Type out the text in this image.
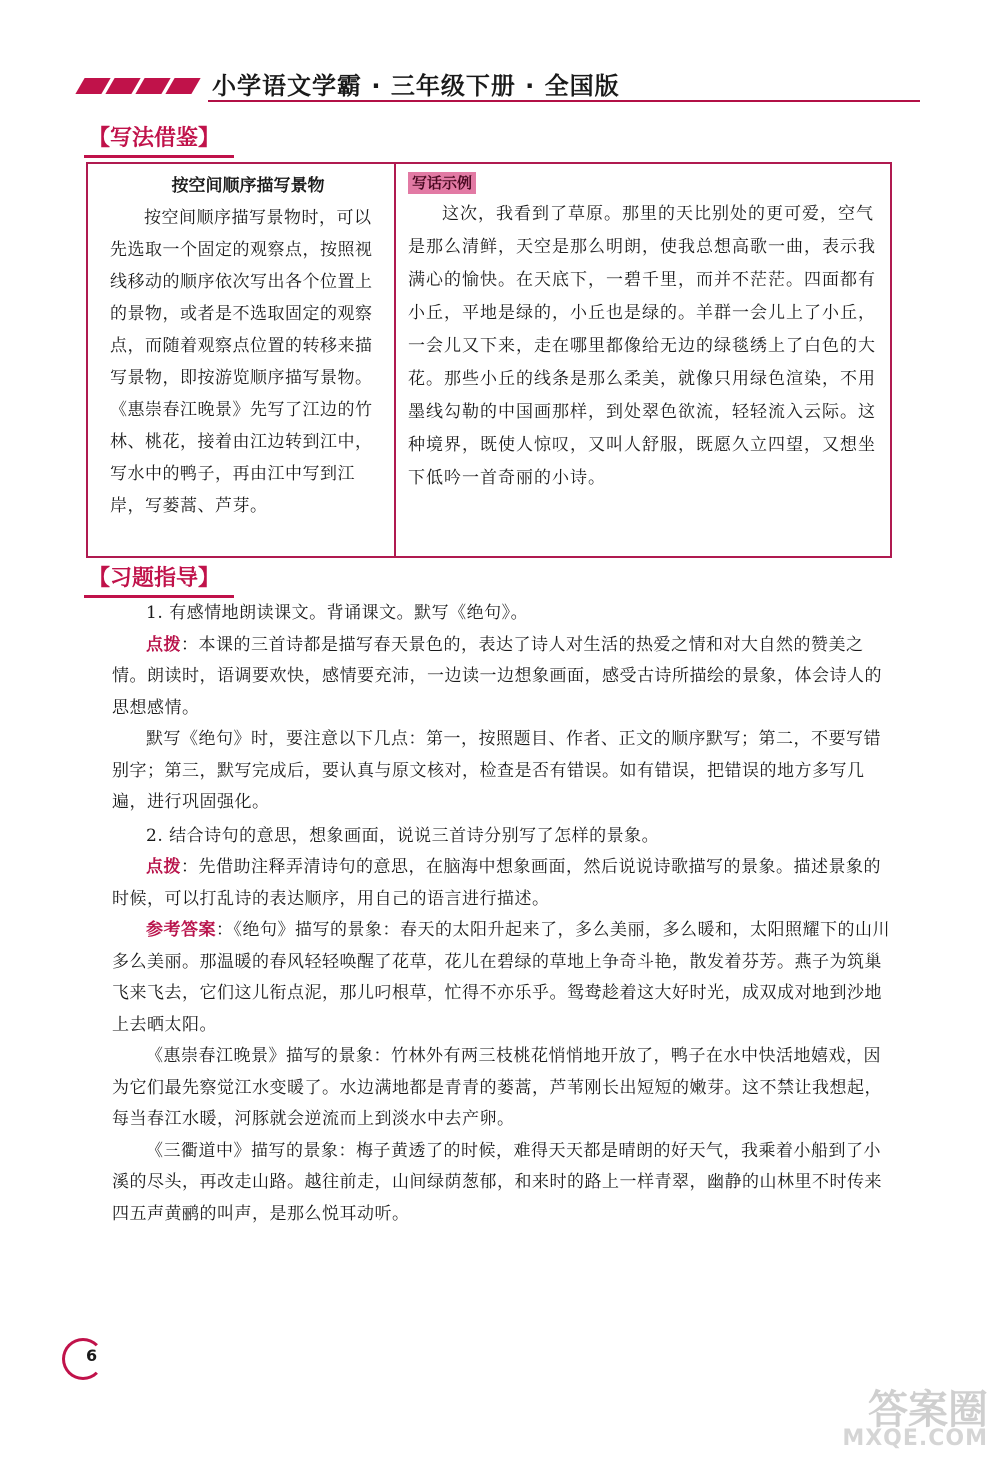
小学语文学霸 · 三年级下册 · 全国版
【写法借鉴】
按空间顺序描写景物

按空间顺序描写景物时，可以先选取一个固定的观察点，按照视线移动的顺序依次写出各个位置上的景物，或者是不选取固定的观察点，而随着观察点位置的转移来描写景物，即按游览顺序描写景物。《惠崇春江晚景》先写了江边的竹林、桃花，接着由江边转到江中，写水中的鸭子，再由江中写到江岸，写蒌蒿、芦芽。

写话示例

这次，我看到了草原。那里的天比别处的更可爱，空气是那么清鲜，天空是那么明朗，使我总想高歌一曲，表示我满心的愉快。在天底下，一碧千里，而并不茫茫。四面都有小丘，平地是绿的，小丘也是绿的。羊群一会儿上了小丘，一会儿又下来，走在哪里都像给无边的绿毯绣上了白色的大花。那些小丘的线条是那么柔美，就像只用绿色渲染，不用墨线勾勒的中国画那样，到处翠色欲流，轻轻流入云际。这种境界，既使人惊叹，又叫人舒服，既愿久立四望，又想坐下低吟一首奇丽的小诗。

【习题指导】

1. 有感情地朗读课文。背诵课文。默写《绝句》。

点拨：本课的三首诗都是描写春天景色的，表达了诗人对生活的热爱之情和对大自然的赞美之情。朗读时，语调要欢快，感情要充沛，一边读一边想象画面，感受古诗所描绘的景象，体会诗人的思想感情。

默写《绝句》时，要注意以下几点：第一，按照题目、作者、正文的顺序默写；第二，不要写错别字；第三，默写完成后，要认真与原文核对，检查是否有错误。如有错误，把错误的地方多写几遍，进行巩固强化。

2. 结合诗句的意思，想象画面，说说三首诗分别写了怎样的景象。

点拨：先借助注释弄清诗句的意思，在脑海中想象画面，然后说说诗歌描写的景象。描述景象的时候，可以打乱诗的表达顺序，用自己的语言进行描述。

参考答案：《绝句》描写的景象：春天的太阳升起来了，多么美丽，多么暖和，太阳照耀下的山川多么美丽。那温暖的春风轻轻唤醒了花草，花儿在碧绿的草地上争奇斗艳，散发着芬芳。燕子为筑巢飞来飞去，它们这儿衔点泥，那儿叼根草，忙得不亦乐乎。鸳鸯趁着这大好时光，成双成对地到沙地上去晒太阳。

《惠崇春江晚景》描写的景象：竹林外有两三枝桃花悄悄地开放了，鸭子在水中快活地嬉戏，因为它们最先察觉江水变暖了。水边满地都是青青的蒌蒿，芦苇刚长出短短的嫩芽。这不禁让我想起，每当春江水暖，河豚就会逆流而上到淡水中去产卵。

《三衢道中》描写的景象：梅子黄透了的时候，难得天天都是晴朗的好天气，我乘着小船到了小溪的尽头，再改走山路。越往前走，山间绿荫葱郁，和来时的路上一样青翠，幽静的山林里不时传来四五声黄鹂的叫声，是那么悦耳动听。

6
答案圈
MXQE.COM
